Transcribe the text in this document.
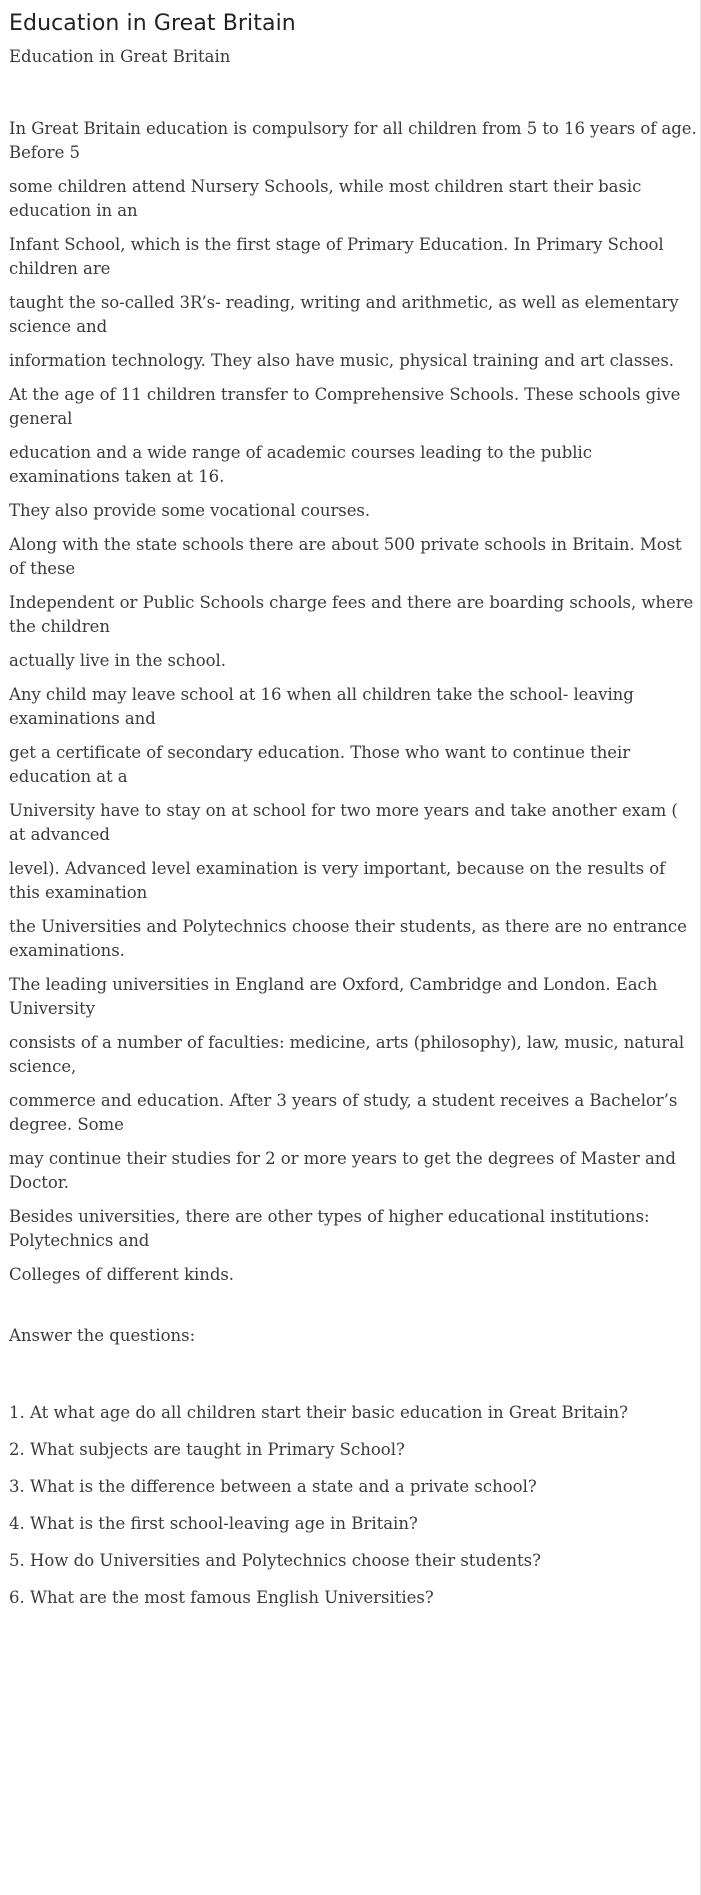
Education in Great Britain

Education in Great Britain

In Great Britain education is compulsory for all children from 5 to 16 years of age. Before 5

some children attend Nursery Schools, while most children start their basic education in an

Infant School, which is the first stage of Primary Education. In Primary School children are

taught the so-called 3R’s- reading, writing and arithmetic, as well as elementary science and

information technology. They also have music, physical training and art classes.

At the age of 11 children transfer to Comprehensive Schools. These schools give general

education and a wide range of academic courses leading to the public examinations taken at 16.

They also provide some vocational courses.

Along with the state schools there are about 500 private schools in Britain. Most of these

Independent or Public Schools charge fees and there are boarding schools, where the children

actually live in the school.

Any child may leave school at 16 when all children take the school- leaving examinations and

get a certificate of secondary education. Those who want to continue their education at a

University have to stay on at school for two more years and take another exam ( at advanced

level). Advanced level examination is very important, because on the results of this examination

the Universities and Polytechnics choose their students, as there are no entrance examinations.

The leading universities in England are Oxford, Cambridge and London. Each University

consists of a number of faculties: medicine, arts (philosophy), law, music, natural science,

commerce and education. After 3 years of study, a student receives a Bachelor’s degree. Some

may continue their studies for 2 or more years to get the degrees of Master and Doctor.

Besides universities, there are other types of higher educational institutions: Polytechnics and

Colleges of different kinds.

Answer the questions:

1. At what age do all children start their basic education in Great Britain?
2. What subjects are taught in Primary School?
3. What is the difference between a state and a private school?
4. What is the first school-leaving age in Britain?
5. How do Universities and Polytechnics choose their students?
6. What are the most famous English Universities?
